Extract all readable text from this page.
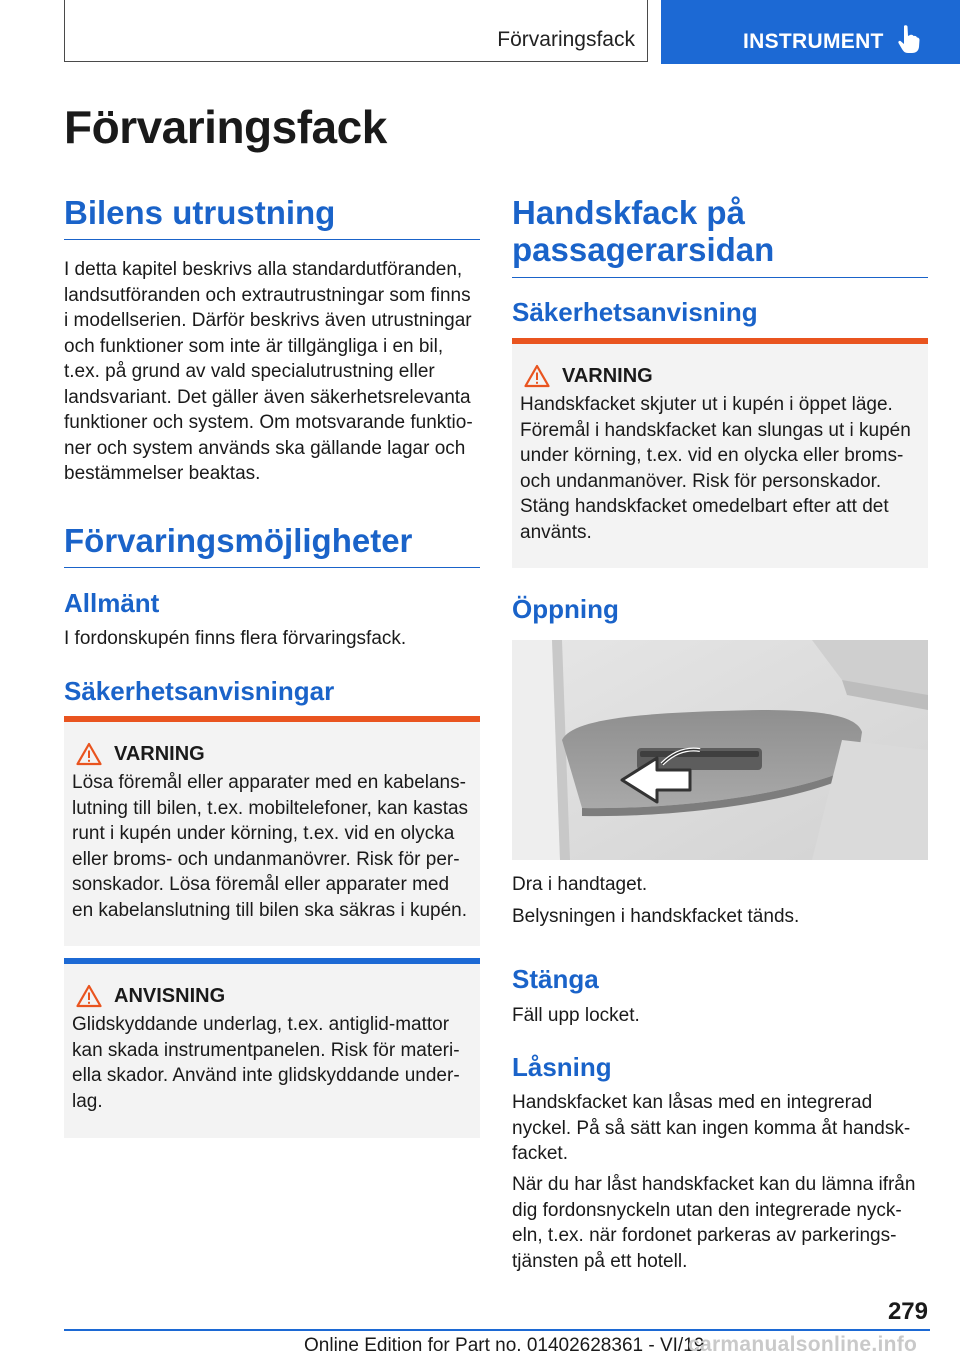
Förvaringsfack	INSTRUMENT
Förvaringsfack
Bilens utrustning

I detta kapitel beskrivs alla standardutföranden, landsutföranden och extrautrustningar som finns i modellserien. Därför beskrivs även utrustningar och funktioner som inte är tillgängliga i en bil, t.ex. på grund av vald specialutrustning eller landsvariant. Det gäller även säkerhetsrelevanta funktioner och system. Om motsvarande funktio-ner och system används ska gällande lagar och bestämmelser beaktas.

Förvaringsmöjligheter
Allmänt

I fordonskupén finns flera förvaringsfack.

Säkerhetsanvisningar
VARNING
Lösa föremål eller apparater med en kabelans-lutning till bilen, t.ex. mobiltelefoner, kan kastas runt i kupén under körning, t.ex. vid en olycka eller broms- och undanmanövrer. Risk för per-sonskador. Lösa föremål eller apparater med en kabelanslutning till bilen ska säkras i kupén.
ANVISNING
Glidskyddande underlag, t.ex. antiglid-mattor kan skada instrumentpanelen. Risk för materi-ella skador. Använd inte glidskyddande under-lag.
Handskfack på passagerarsidan
Säkerhetsanvisning
VARNING
Handskfacket skjuter ut i kupén i öppet läge. Föremål i handskfacket kan slungas ut i kupén under körning, t.ex. vid en olycka eller broms- och undanmanöver. Risk för personskador. Stäng handskfacket omedelbart efter att det använts.
Öppning

Dra i handtaget.

Belysningen i handskfacket tänds.

Stänga

Fäll upp locket.

Låsning

Handskfacket kan låsas med en integrerad nyckel. På så sätt kan ingen komma åt handsk-facket.

När du har låst handskfacket kan du lämna ifrån dig fordonsnyckeln utan den integrerade nyck-eln, t.ex. när fordonet parkeras av parkerings-tjänsten på ett hotell.

279
Online Edition for Part no. 01402628361 - VI/19
carmanualsonline.info
